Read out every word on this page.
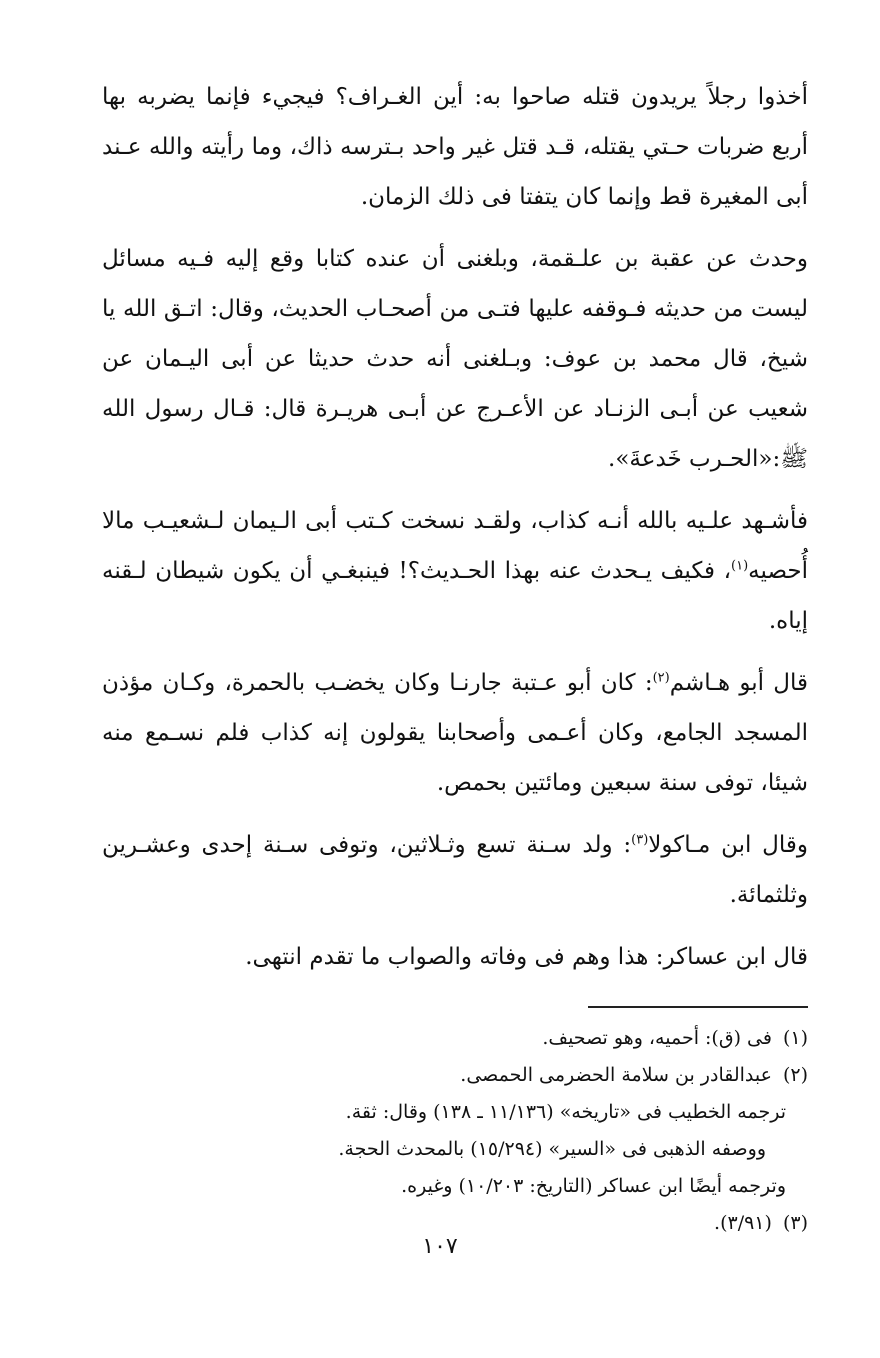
أخذوا رجلاً يريدون قتله صاحوا به: أين الغـراف؟ فيجيء فإنما يضربه بها أربع ضربات حـتي يقتله، قـد قتل غير واحد بـترسه ذاك، وما رأيته والله عـند أبى المغيرة قط وإنما كان يتفتا فى ذلك الزمان.

وحدث عن عقبة بن علـقمة، وبلغنى أن عنده كتابا وقع إليه فـيه مسائل ليست من حديثه فـوقفه عليها فتـى من أصحـاب الحديث، وقال: اتـق الله يا شيخ، قال محمد بن عوف: وبـلغنى أنه حدث حديثا عن أبى اليـمان عن شعيب عن أبـى الزنـاد عن الأعـرج عن أبـى هريـرة قال: قـال رسول الله ﷺ:«الحـرب خَدعةَ».

فأشـهد علـيه بالله أنـه كذاب، ولقـد نسخت كـتب أبى الـيمان لـشعيـب مالا أُحصيه$^{(١)}$، فكيف يـحدث عنه بهذا الحـديث؟! فينبغـي أن يكون شيطان لـقنه إياه.

قال أبو هـاشم$^{(٢)}$: كان أبو عـتبة جارنـا وكان يخضـب بالحمرة، وكـان مؤذن المسجد الجامع، وكان أعـمى وأصحابنا يقولون إنه كذاب فلم نسـمع منه شيئا، توفى سنة سبعين ومائتين بحمص.

وقال ابن مـاكولا$^{(٣)}$: ولد سـنة تسع وثـلاثين، وتوفى سـنة إحدى وعشـرين وثلثمائة.

قال ابن عساكر: هذا وهم فى وفاته والصواب ما تقدم انتهى.

(١) فى (ق): أحميه، وهو تصحيف.

(٢) عبدالقادر بن سلامة الحضرمى الحمصى.

ترجمه الخطيب فى «تاريخه» (١١/١٣٦ ـ ١٣٨) وقال: ثقة.

ووصفه الذهبى فى «السير» (١٥/٢٩٤) بالمحدث الحجة.

وترجمه أيضًا ابن عساكر (التاريخ: ١٠/٢٠٣) وغيره.

(٣) (٣/٩١).

١٠٧
